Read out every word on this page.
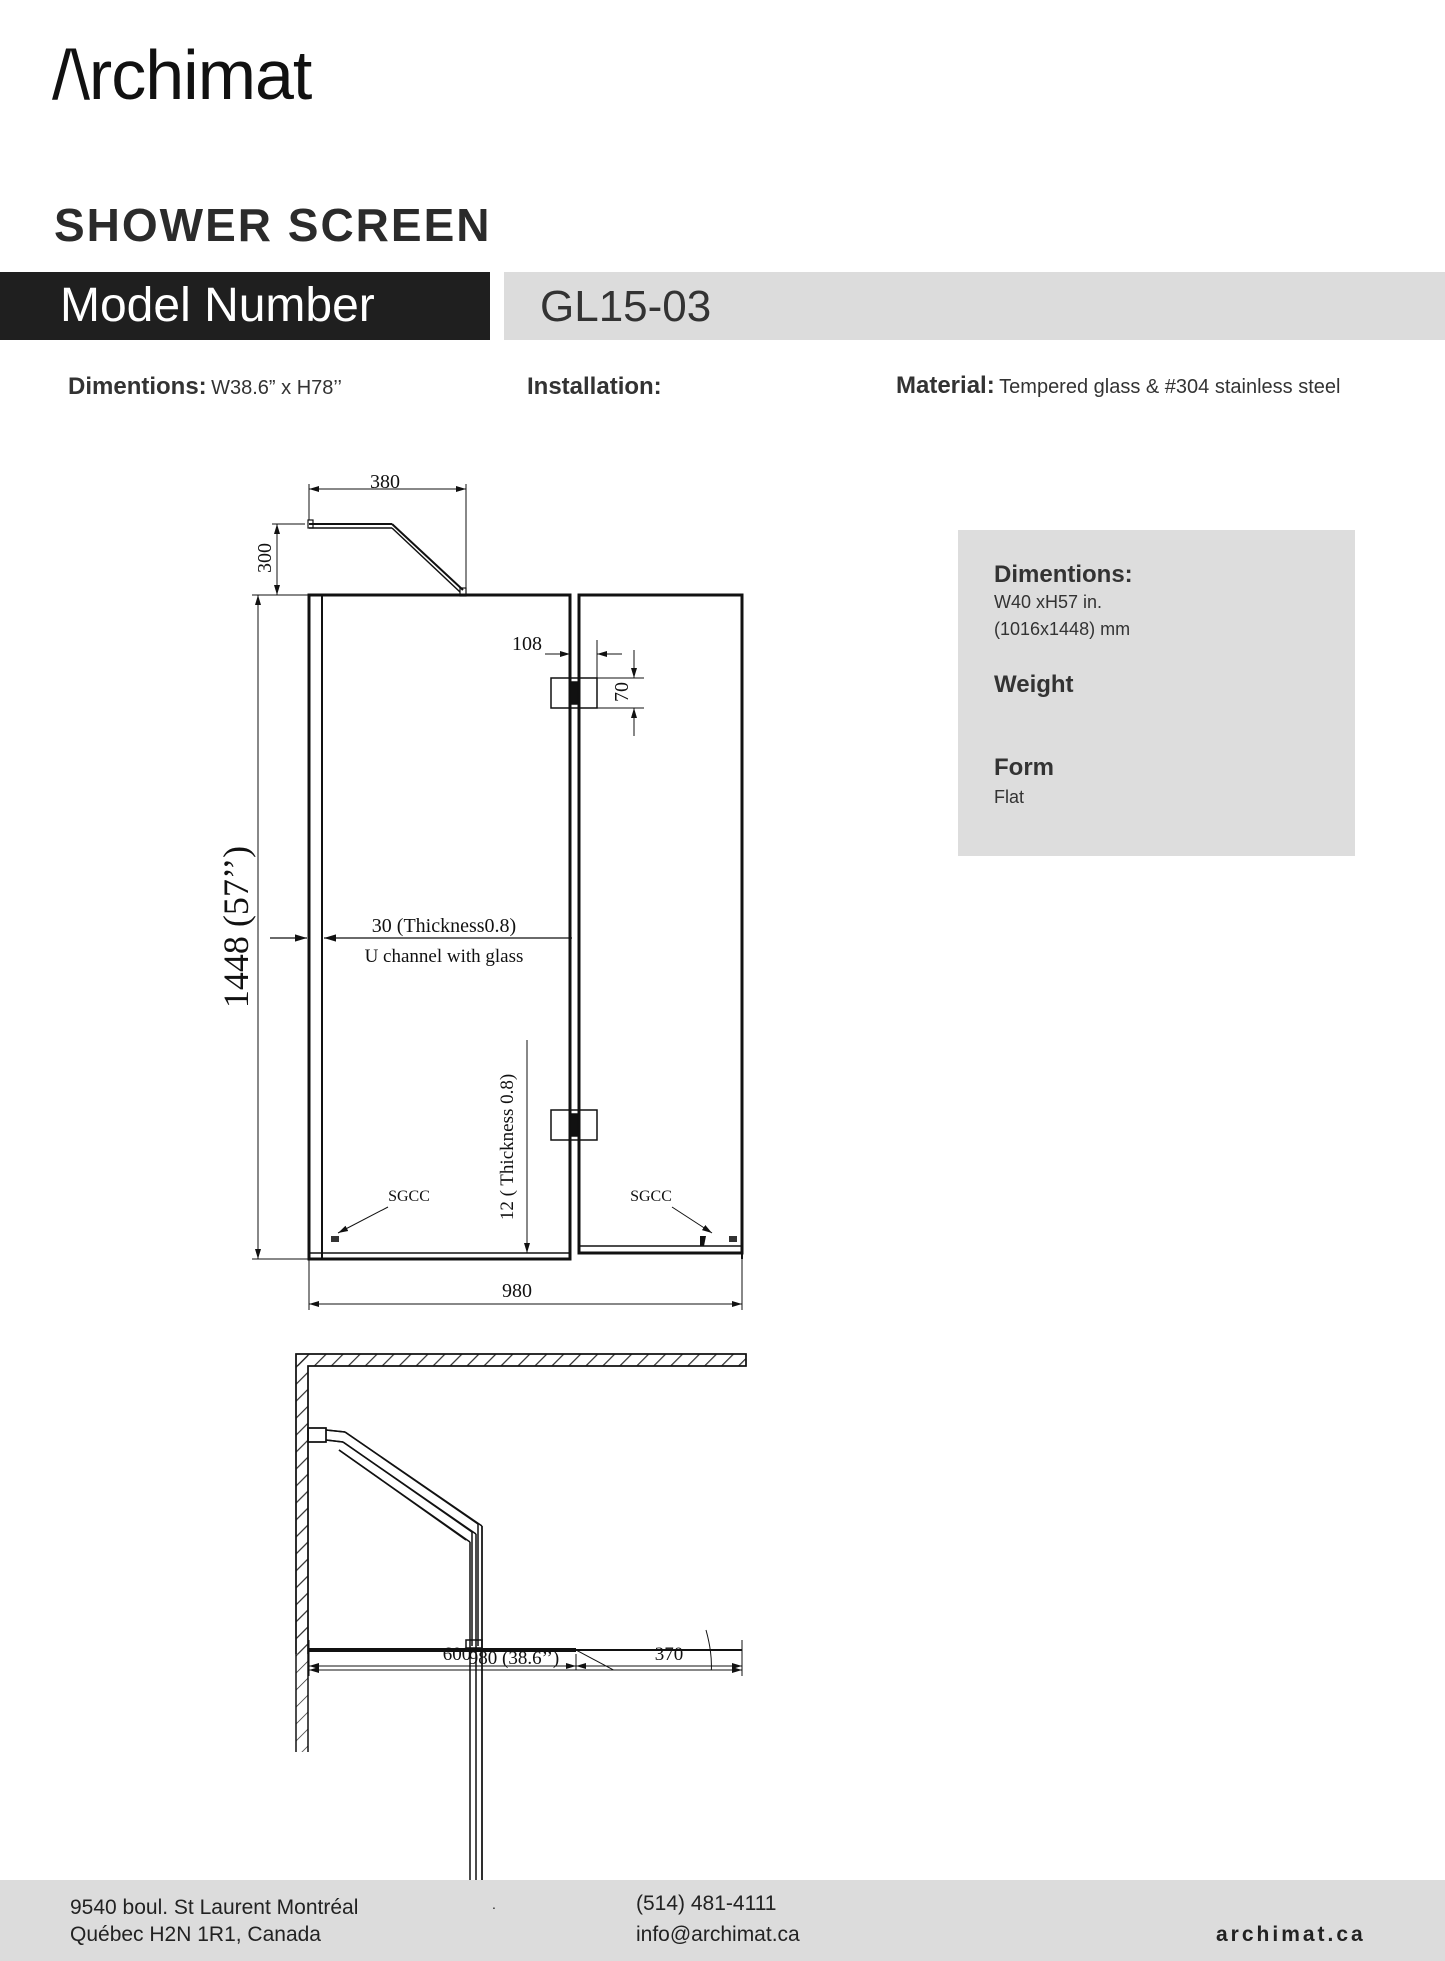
/\rchimat
SHOWER SCREEN
Model Number	GL15-03
Dimentions: W38.6” x H78’’	Installation:	Material: Tempered glass & #304 stainless steel
Dimentions:
W40 xH57 in.
(1016x1448) mm
Weight
Form
Flat
380
300
108
70
1448 (57’’)	30 (Thickness0.8)
U channel with glass
12 ( Thickness 0.8)
SGCC	SGCC
980
600	370
980 (38.6’’)
9540 boul. St Laurent Montréal
Québec H2N 1R1, Canada
.	(514) 481-4111
info@archimat.ca	archimat.ca
